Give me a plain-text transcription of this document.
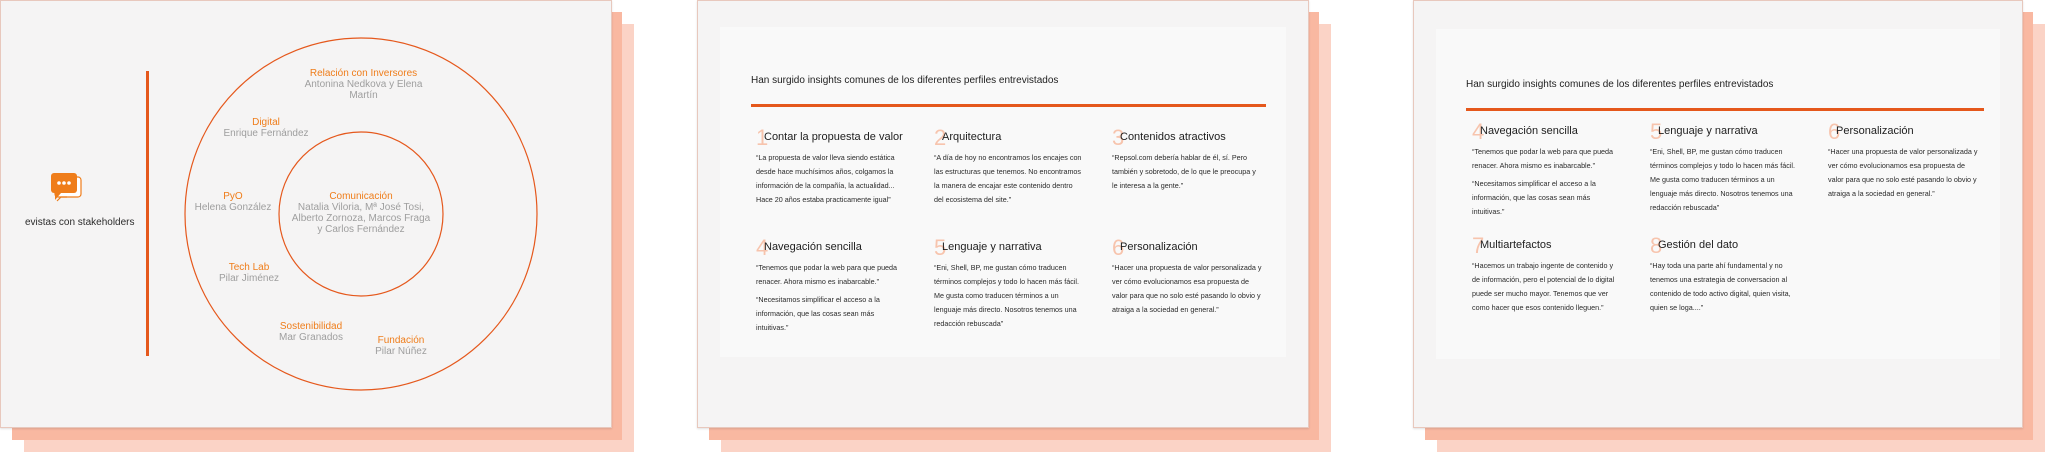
evistas con stakeholders
Comunicación
Natalia Viloria, Mª José Tosi, Alberto Zornoza, Marcos Fraga y Carlos Fernández
Relación con Inversores
Antonina Nedkova y Elena Martín
Digital
Enrique Fernández
PyO
Helena González
Tech Lab
Pilar Jiménez
Sostenibilidad
Mar Granados	Fundación
Pilar Núñez
Han surgido insights comunes de los diferentes perfiles entrevistados
1
Contar la propuesta de valor

“La propuesta de valor lleva siendo estática desde hace muchísimos años, colgamos la información de la compañía, la actualidad... Hace 20 años estaba practicamente igual”

2
Arquitectura

“A día de hoy no encontramos los encajes con las estructuras que tenemos. No encontramos la manera de encajar este contenido dentro del ecosistema del site.”

3
Contenidos atractivos

“Repsol.com debería hablar de él, sí. Pero también y sobretodo, de lo que le preocupa y le interesa a la gente.”

4
Navegación sencilla

“Tenemos que podar la web para que pueda renacer. Ahora mismo es inabarcable.”

“Necesitamos simplificar el acceso a la información, que las cosas sean más intuitivas.”

5
Lenguaje y narrativa

“Eni, Shell, BP, me gustan cómo traducen términos complejos y todo lo hacen más fácil. Me gusta como traducen términos a un lenguaje más directo. Nosotros tenemos una redacción rebuscada”

6
Personalización

“Hacer una propuesta de valor personalizada y ver cómo evolucionamos esa propuesta de valor para que no solo esté pasando lo obvio y atraiga a la sociedad en general.”

Han surgido insights comunes de los diferentes perfiles entrevistados
4
Navegación sencilla

“Tenemos que podar la web para que pueda renacer. Ahora mismo es inabarcable.”

“Necesitamos simplificar el acceso a la información, que las cosas sean más intuitivas.”

5
Lenguaje y narrativa

“Eni, Shell, BP, me gustan cómo traducen términos complejos y todo lo hacen más fácil. Me gusta como traducen términos a un lenguaje más directo. Nosotros tenemos una redacción rebuscada”

6
Personalización

“Hacer una propuesta de valor personalizada y ver cómo evolucionamos esa propuesta de valor para que no solo esté pasando lo obvio y atraiga a la sociedad en general.”

7
Multiartefactos

“Hacemos un trabajo ingente de contenido y de información, pero el potencial de lo digital puede ser mucho mayor. Tenemos que ver como hacer que esos contenido lleguen.”

8
Gestión del dato

“Hay toda una parte ahí fundamental y no tenemos una estrategia de conversacion al contenido de todo activo digital, quien visita, quien se loga....”
